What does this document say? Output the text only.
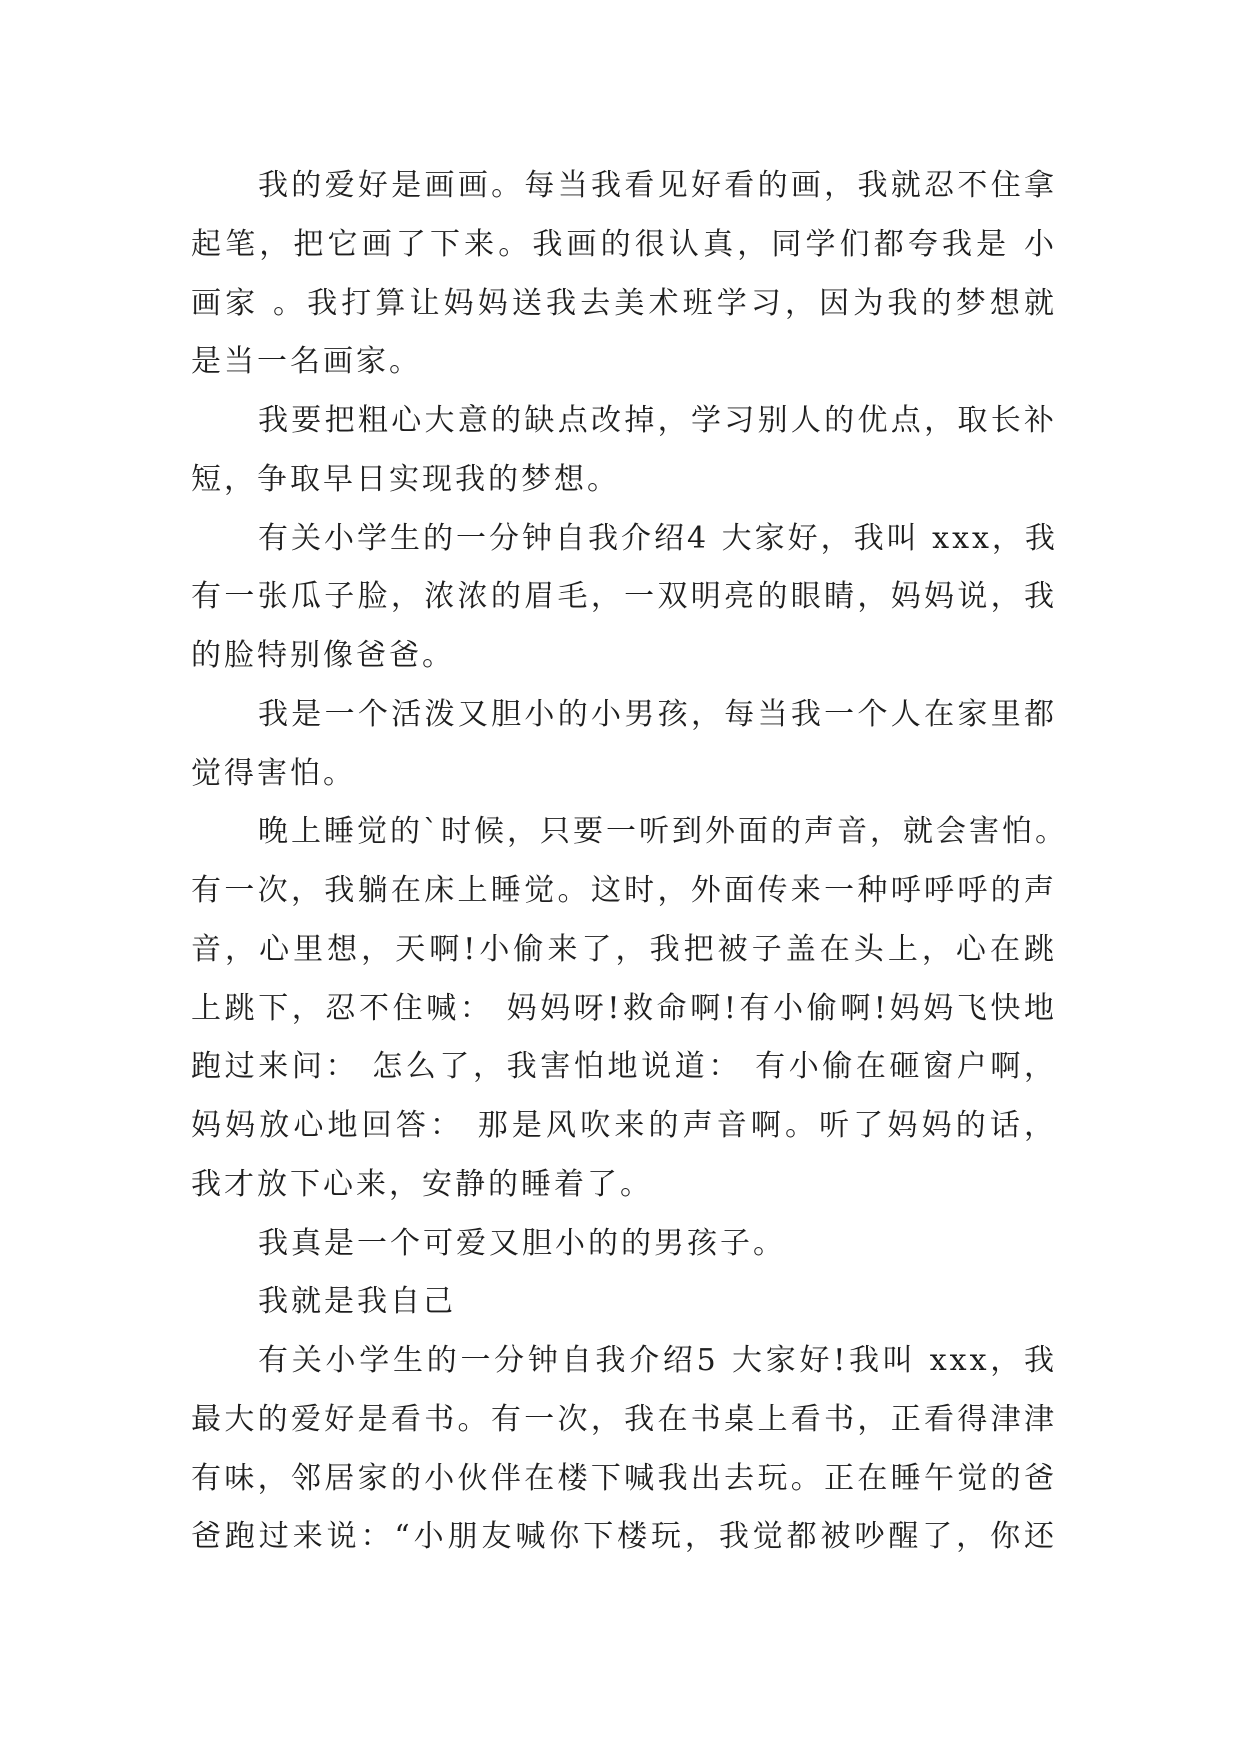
我的爱好是画画。每当我看见好看的画，我就忍不住拿
起笔，把它画了下来。我画的很认真，同学们都夸我是 小
画家 。我打算让妈妈送我去美术班学习，因为我的梦想就
是当一名画家。
我要把粗心大意的缺点改掉，学习别人的优点，取长补
短，争取早日实现我的梦想。
有关小学生的一分钟自我介绍4 大家好，我叫 xxx，我
有一张瓜子脸，浓浓的眉毛，一双明亮的眼睛，妈妈说，我
的脸特别像爸爸。
我是一个活泼又胆小的小男孩，每当我一个人在家里都
觉得害怕。
晚上睡觉的`时候，只要一听到外面的声音，就会害怕。
有一次，我躺在床上睡觉。这时，外面传来一种呼呼呼的声
音，心里想，天啊!小偷来了，我把被子盖在头上，心在跳
上跳下，忍不住喊： 妈妈呀!救命啊!有小偷啊!妈妈飞快地
跑过来问： 怎么了，我害怕地说道： 有小偷在砸窗户啊，
妈妈放心地回答： 那是风吹来的声音啊。听了妈妈的话，
我才放下心来，安静的睡着了。
我真是一个可爱又胆小的的男孩子。
我就是我自己
有关小学生的一分钟自我介绍5 大家好!我叫 xxx，我
最大的爱好是看书。有一次，我在书桌上看书，正看得津津
有味，邻居家的小伙伴在楼下喊我出去玩。正在睡午觉的爸
爸跑过来说：“小朋友喊你下楼玩，我觉都被吵醒了，你还
